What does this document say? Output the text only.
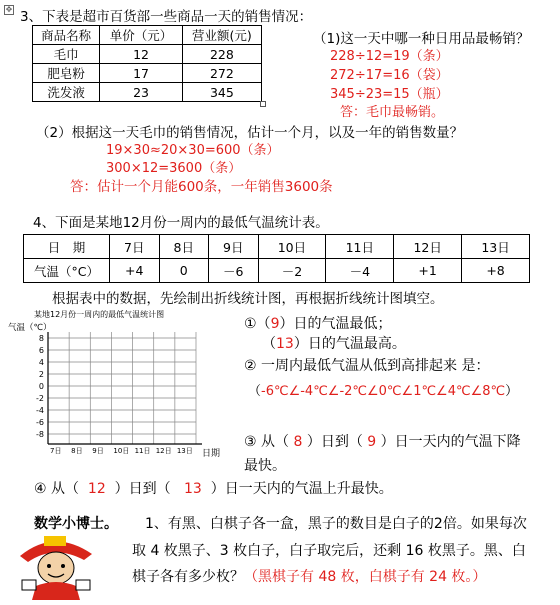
✥ 3、下表是超市百货部一些商品一天的销售情况：
商品名称	单价（元）	营业额(元)
毛巾	12	228
肥皂粉	17	272
洗发液	23	345
（1)这一天中哪一种日用品最畅销？
228÷12=19（条）
272÷17=16（袋）
345÷23=15（瓶）
答：毛巾最畅销。
（2）根据这一天毛巾的销售情况，估计一个月，以及一年的销售数量？
19×30≈20×30=600（条）
300×12=3600（条）
答：估计一个月能600条，一年销售3600条
4、下面是某地12月份一周内的最低气温统计表。
日　期	7日	8日	9日	10日	11日	12日	13日
气温（°C）	+4	0	－6	－2	－4	+1	+8
根据表中的数据，先绘制出折线统计图，再根据折线统计图填空。
某地12月份一周内的最低气温统计图
气温（℃）
8
6
4
2
0
-2
-4
-6
-8
7日 8日 9日 10日 11日 12日 13日 日期
①（9）日的气温最低；
（13）日的气温最高。
② 一周内最低气温从低到高排起来 是：
（-6℃∠-4℃∠-2℃∠0℃∠1℃∠4℃∠8℃）
③ 从（ 8 ）日到（ 9 ）日一天内的气温下降
最快。
④ 从（ 12 ）日到（ 13 ）日一天内的气温上升最快。
数学小博士。 1、有黑、白棋子各一盒，黑子的数目是白子的2倍。如果每次
取 4 枚黑子、3 枚白子，白子取完后，还剩 16 枚黑子。黑、白
棋子各有多少枚？（黑棋子有 48 枚，白棋子有 24 枚。）
